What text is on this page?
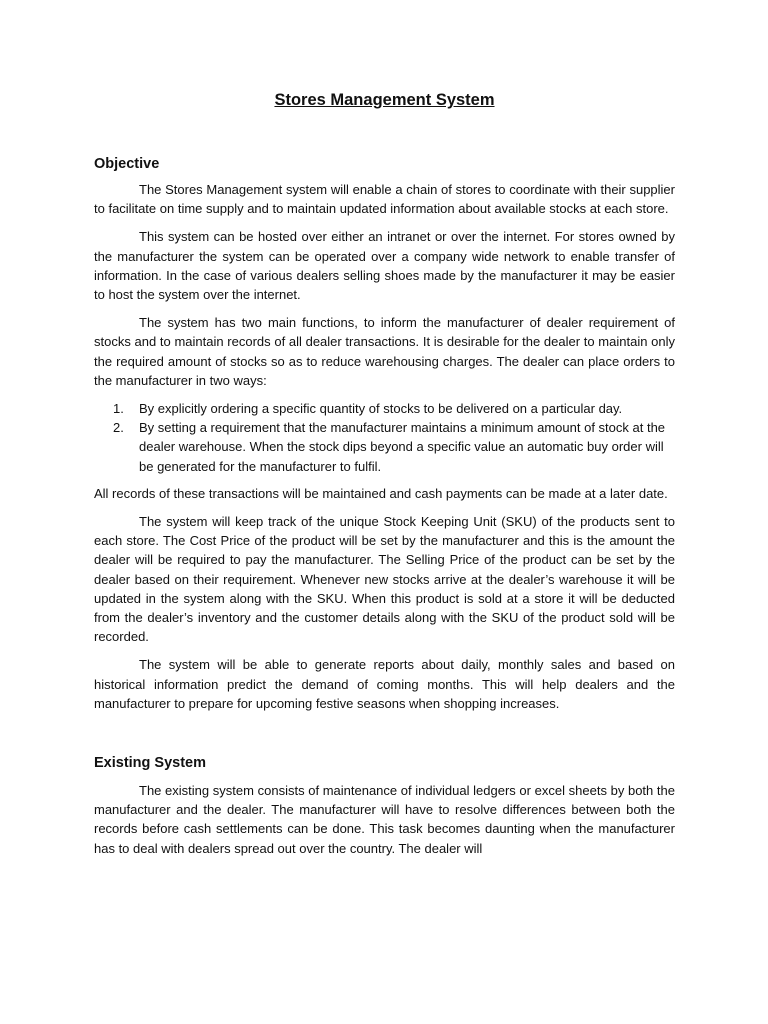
Stores Management System
Objective

The Stores Management system will enable a chain of stores to coordinate with their supplier to facilitate on time supply and to maintain updated information about available stocks at each store.

This system can be hosted over either an intranet or over the internet. For stores owned by the manufacturer the system can be operated over a company wide network to enable transfer of information. In the case of various dealers selling shoes made by the manufacturer it may be easier to host the system over the internet.

The system has two main functions, to inform the manufacturer of dealer requirement of stocks and to maintain records of all dealer transactions. It is desirable for the dealer to maintain only the required amount of stocks so as to reduce warehousing charges. The dealer can place orders to the manufacturer in two ways:

1. By explicitly ordering a specific quantity of stocks to be delivered on a particular day.
2. By setting a requirement that the manufacturer maintains a minimum amount of stock at the dealer warehouse. When the stock dips beyond a specific value an automatic buy order will be generated for the manufacturer to fulfil.

All records of these transactions will be maintained and cash payments can be made at a later date.

The system will keep track of the unique Stock Keeping Unit (SKU) of the products sent to each store. The Cost Price of the product will be set by the manufacturer and this is the amount the dealer will be required to pay the manufacturer. The Selling Price of the product can be set by the dealer based on their requirement. Whenever new stocks arrive at the dealer’s warehouse it will be updated in the system along with the SKU. When this product is sold at a store it will be deducted from the dealer’s inventory and the customer details along with the SKU of the product sold will be recorded.

The system will be able to generate reports about daily, monthly sales and based on historical information predict the demand of coming months. This will help dealers and the manufacturer to prepare for upcoming festive seasons when shopping increases.

Existing System

The existing system consists of maintenance of individual ledgers or excel sheets by both the manufacturer and the dealer. The manufacturer will have to resolve differences between both the records before cash settlements can be done. This task becomes daunting when the manufacturer has to deal with dealers spread out over the country. The dealer will
